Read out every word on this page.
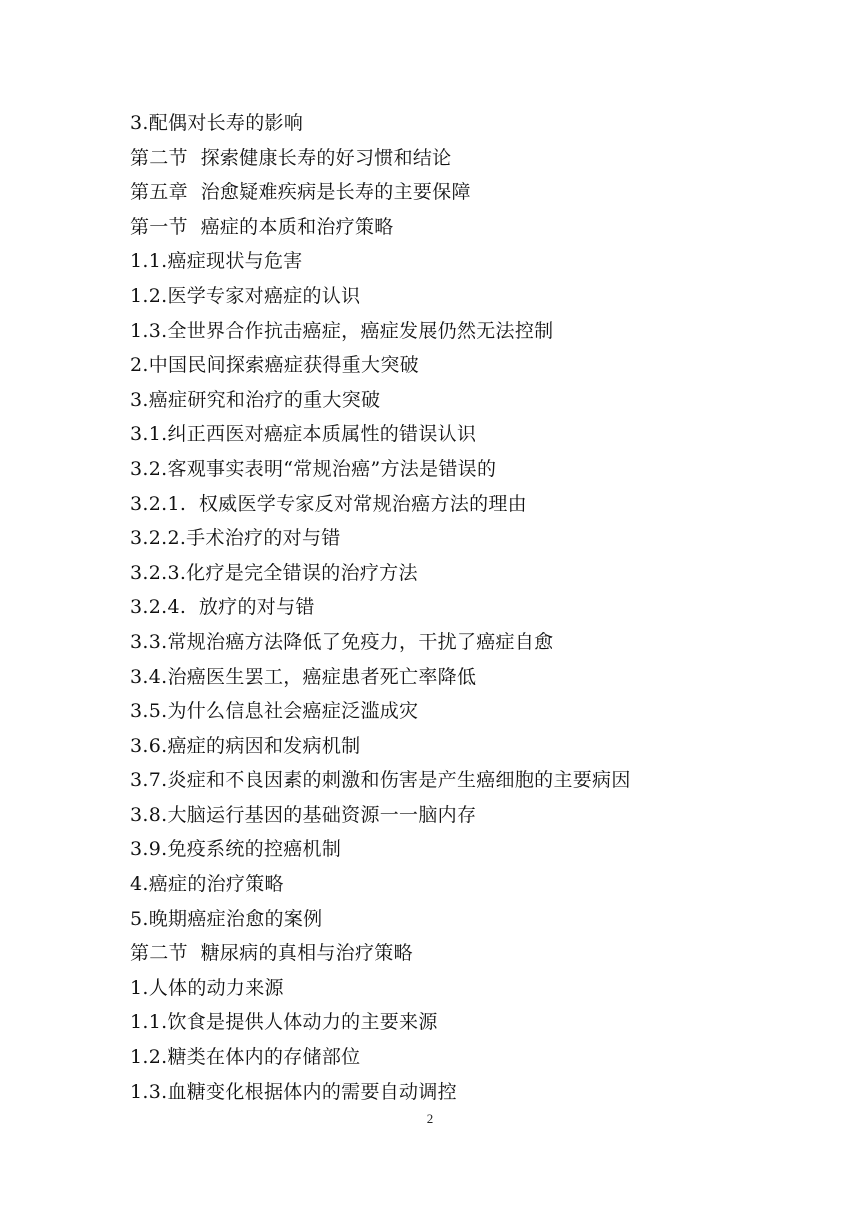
3.配偶对长寿的影响
第二节  探索健康长寿的好习惯和结论
第五章  治愈疑难疾病是长寿的主要保障
第一节  癌症的本质和治疗策略
1.1.癌症现状与危害
1.2.医学专家对癌症的认识
1.3.全世界合作抗击癌症，癌症发展仍然无法控制
2.中国民间探索癌症获得重大突破
3.癌症研究和治疗的重大突破
3.1.纠正西医对癌症本质属性的错误认识
3.2.客观事实表明“常规治癌”方法是错误的
3.2.1.  权威医学专家反对常规治癌方法的理由
3.2.2.手术治疗的对与错
3.2.3.化疗是完全错误的治疗方法
3.2.4.  放疗的对与错
3.3.常规治癌方法降低了免疫力，干扰了癌症自愈
3.4.治癌医生罢工，癌症患者死亡率降低
3.5.为什么信息社会癌症泛滥成灾
3.6.癌症的病因和发病机制
3.7.炎症和不良因素的刺激和伤害是产生癌细胞的主要病因
3.8.大脑运行基因的基础资源一一脑内存
3.9.免疫系统的控癌机制
4.癌症的治疗策略
5.晚期癌症治愈的案例
第二节  糖尿病的真相与治疗策略
1.人体的动力来源
1.1.饮食是提供人体动力的主要来源
1.2.糖类在体内的存储部位
1.3.血糖变化根据体内的需要自动调控
2
